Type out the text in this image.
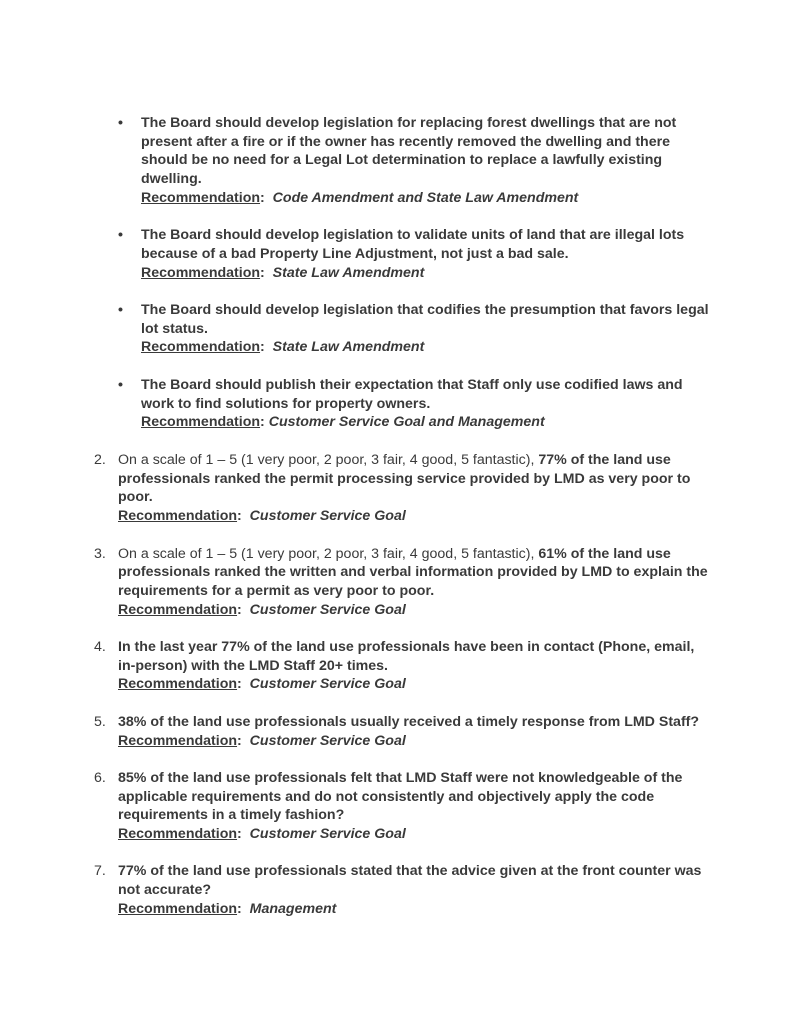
• The Board should develop legislation for replacing forest dwellings that are not present after a fire or if the owner has recently removed the dwelling and there should be no need for a Legal Lot determination to replace a lawfully existing dwelling.
Recommendation: Code Amendment and State Law Amendment
• The Board should develop legislation to validate units of land that are illegal lots because of a bad Property Line Adjustment, not just a bad sale.
Recommendation: State Law Amendment
• The Board should develop legislation that codifies the presumption that favors legal lot status.
Recommendation: State Law Amendment
• The Board should publish their expectation that Staff only use codified laws and work to find solutions for property owners.
Recommendation: Customer Service Goal and Management
2. On a scale of 1 – 5 (1 very poor, 2 poor, 3 fair, 4 good, 5 fantastic), 77% of the land use professionals ranked the permit processing service provided by LMD as very poor to poor.
Recommendation: Customer Service Goal
3. On a scale of 1 – 5 (1 very poor, 2 poor, 3 fair, 4 good, 5 fantastic), 61% of the land use professionals ranked the written and verbal information provided by LMD to explain the requirements for a permit as very poor to poor.
Recommendation: Customer Service Goal
4. In the last year 77% of the land use professionals have been in contact (Phone, email, in-person) with the LMD Staff 20+ times.
Recommendation: Customer Service Goal
5. 38% of the land use professionals usually received a timely response from LMD Staff?
Recommendation: Customer Service Goal
6. 85% of the land use professionals felt that LMD Staff were not knowledgeable of the applicable requirements and do not consistently and objectively apply the code requirements in a timely fashion?
Recommendation: Customer Service Goal
7. 77% of the land use professionals stated that the advice given at the front counter was not accurate?
Recommendation: Management
